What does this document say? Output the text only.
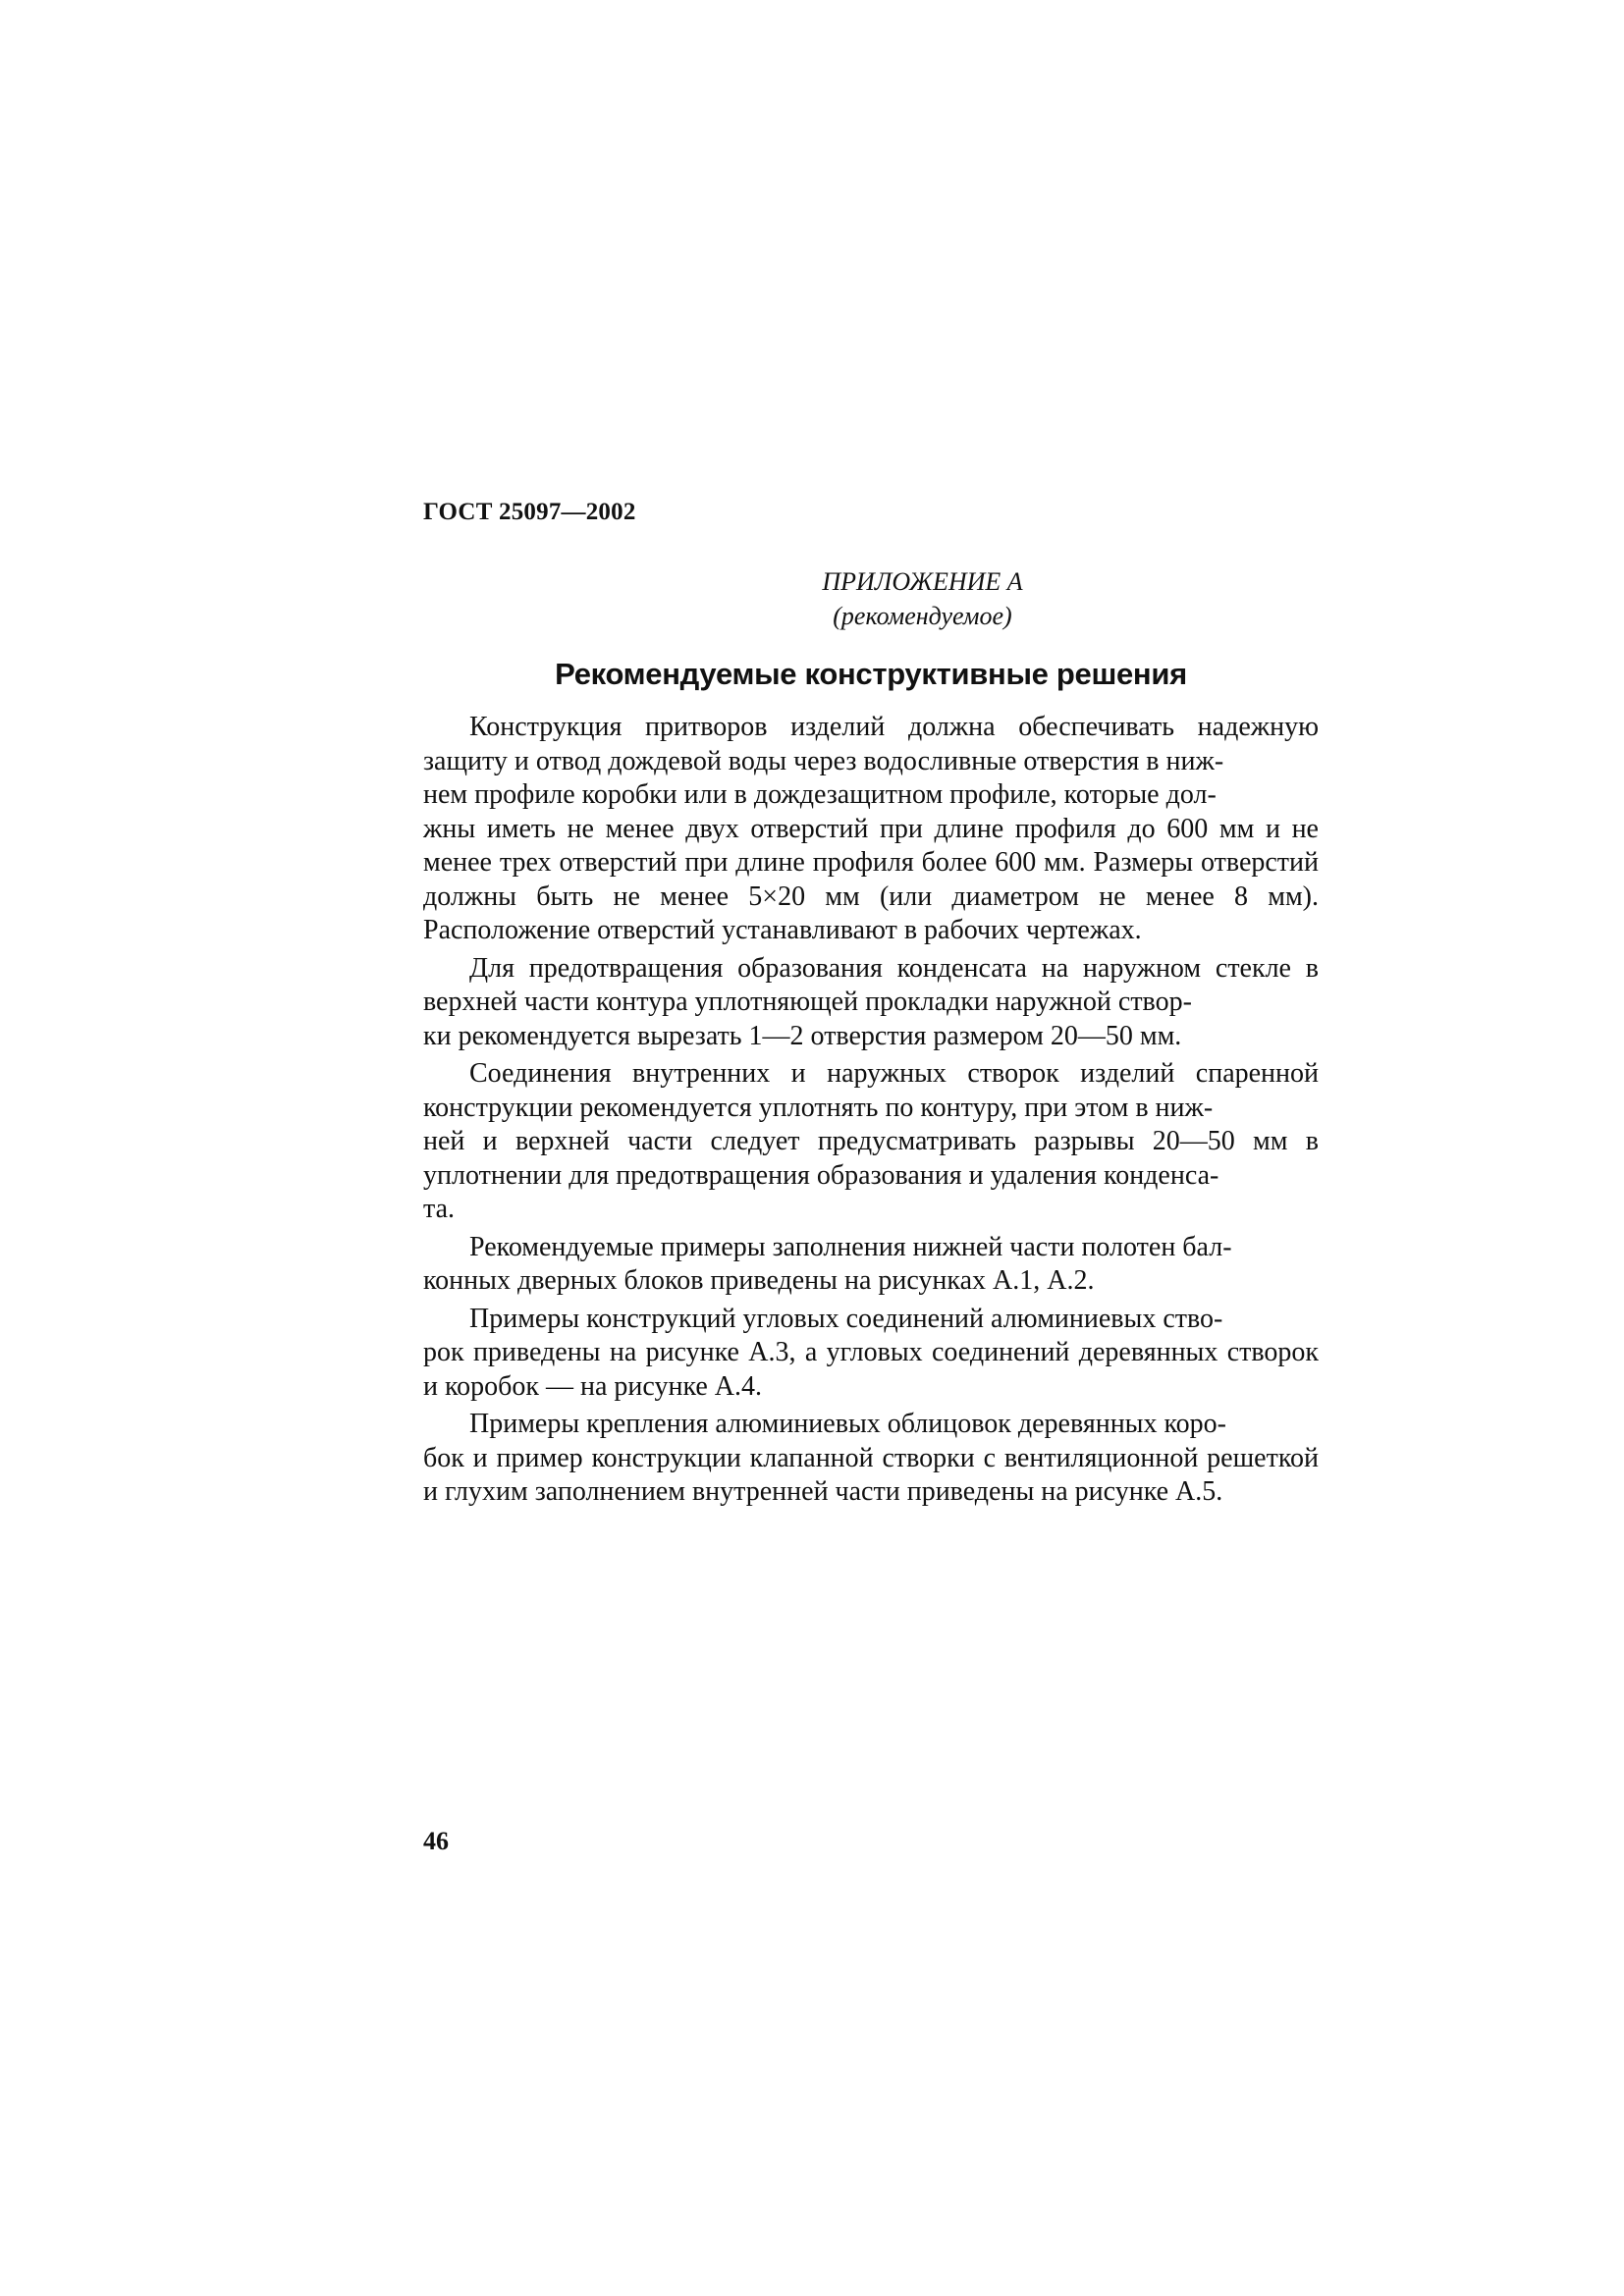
ГОСТ 25097—2002
ПРИЛОЖЕНИЕ А
(рекомендуемое)
Рекомендуемые конструктивные решения

Конструкция притворов изделий должна обеспечивать надежную защиту и отвод дождевой воды через водосливные отверстия в ниж-
нем профиле коробки или в дождезащитном профиле, которые дол-
жны иметь не менее двух отверстий при длине профиля до 600 мм и не менее трех отверстий при длине профиля более 600 мм. Размеры отверстий должны быть не менее 5×20 мм (или диаметром не менее 8 мм). Расположение отверстий устанавливают в рабочих чертежах.

Для предотвращения образования конденсата на наружном стекле в верхней части контура уплотняющей прокладки наружной створ-
ки рекомендуется вырезать 1—2 отверстия размером 20—50 мм.

Соединения внутренних и наружных створок изделий спаренной конструкции рекомендуется уплотнять по контуру, при этом в ниж-
ней и верхней части следует предусматривать разрывы 20—50 мм в уплотнении для предотвращения образования и удаления конденса-
та.

Рекомендуемые примеры заполнения нижней части полотен бал-
конных дверных блоков приведены на рисунках А.1, А.2.

Примеры конструкций угловых соединений алюминиевых ство-
рок приведены на рисунке А.3, а угловых соединений деревянных створок и коробок — на рисунке А.4.

Примеры крепления алюминиевых облицовок деревянных коро-
бок и пример конструкции клапанной створки с вентиляционной решеткой и глухим заполнением внутренней части приведены на рисунке А.5.

46
